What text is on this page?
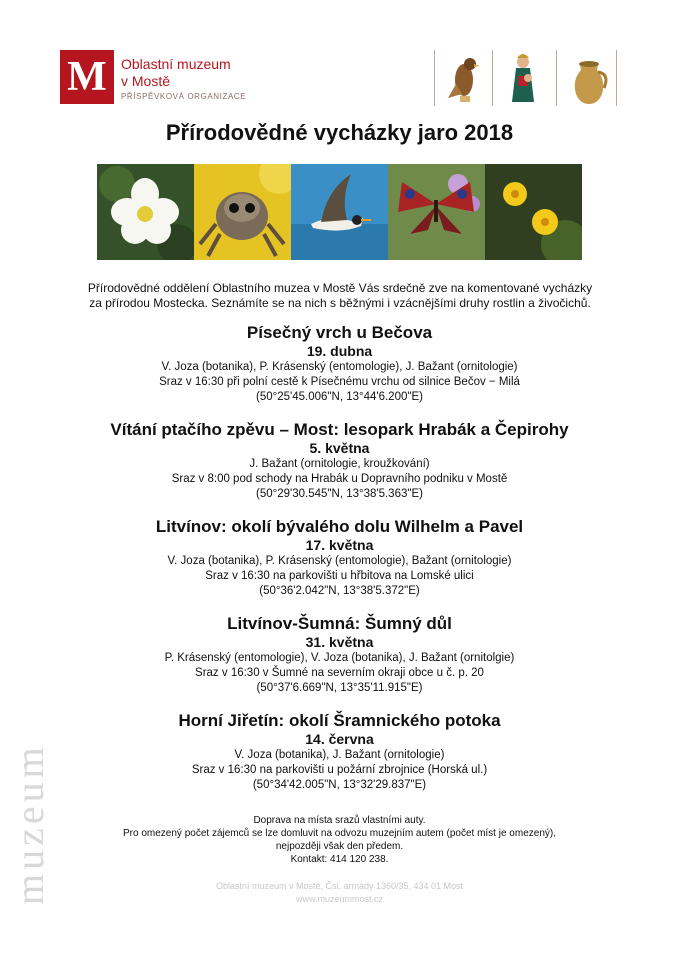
M Oblastní muzeum
v Mostě
PŘÍSPĚVKOVÁ ORGANIZACE
Přírodovědné vycházky jaro 2018
Přírodovědné oddělení Oblastního muzea v Mostě Vás srdečně zve na komentované vycházky
za přírodou Mostecka. Seznámíte se na nich s běžnými i vzácnějšími druhy rostlin a živočichů.
Písečný vrch u Bečova
19. dubna
V. Joza (botanika), P. Krásenský (entomologie), J. Bažant (ornitologie)
Sraz v 16:30 při polní cestě k Písečnému vrchu od silnice Bečov − Milá
(50°25'45.006"N, 13°44'6.200"E)
Vítání ptačího zpěvu – Most: lesopark Hrabák a Čepirohy
5. května
J. Bažant (ornitologie, kroužkování)
Sraz v 8:00 pod schody na Hrabák u Dopravního podniku v Mostě
(50°29'30.545"N, 13°38'5.363"E)
Litvínov: okolí bývalého dolu Wilhelm a Pavel
17. května
V. Joza (botanika), P. Krásenský (entomologie), Bažant (ornitologie)
Sraz v 16:30 na parkovišti u hřbitova na Lomské ulici
(50°36'2.042"N, 13°38'5.372"E)
Litvínov-Šumná: Šumný důl
31. května
P. Krásenský (entomologie), V. Joza (botanika), J. Bažant (ornitolgie)
Sraz v 16:30 v Šumné na severním okraji obce u č. p. 20
(50°37'6.669"N, 13°35'11.915"E)
Horní Jiřetín: okolí Šramnického potoka
14. června
V. Joza (botanika), J. Bažant (ornitologie)
Sraz v 16:30 na parkovišti u požární zbrojnice (Horská ul.)
(50°34'42.005"N, 13°32'29.837"E)
Doprava na místa srazů vlastními auty.
Pro omezený počet zájemců se lze domluvit na odvozu muzejním autem (počet míst je omezený),
nejpozději však den předem.
Kontakt: 414 120 238.
Oblastní muzeum v Mostě, Čsl. armády 1360/35, 434 01 Most
www.muzeummost.cz
muzeum
